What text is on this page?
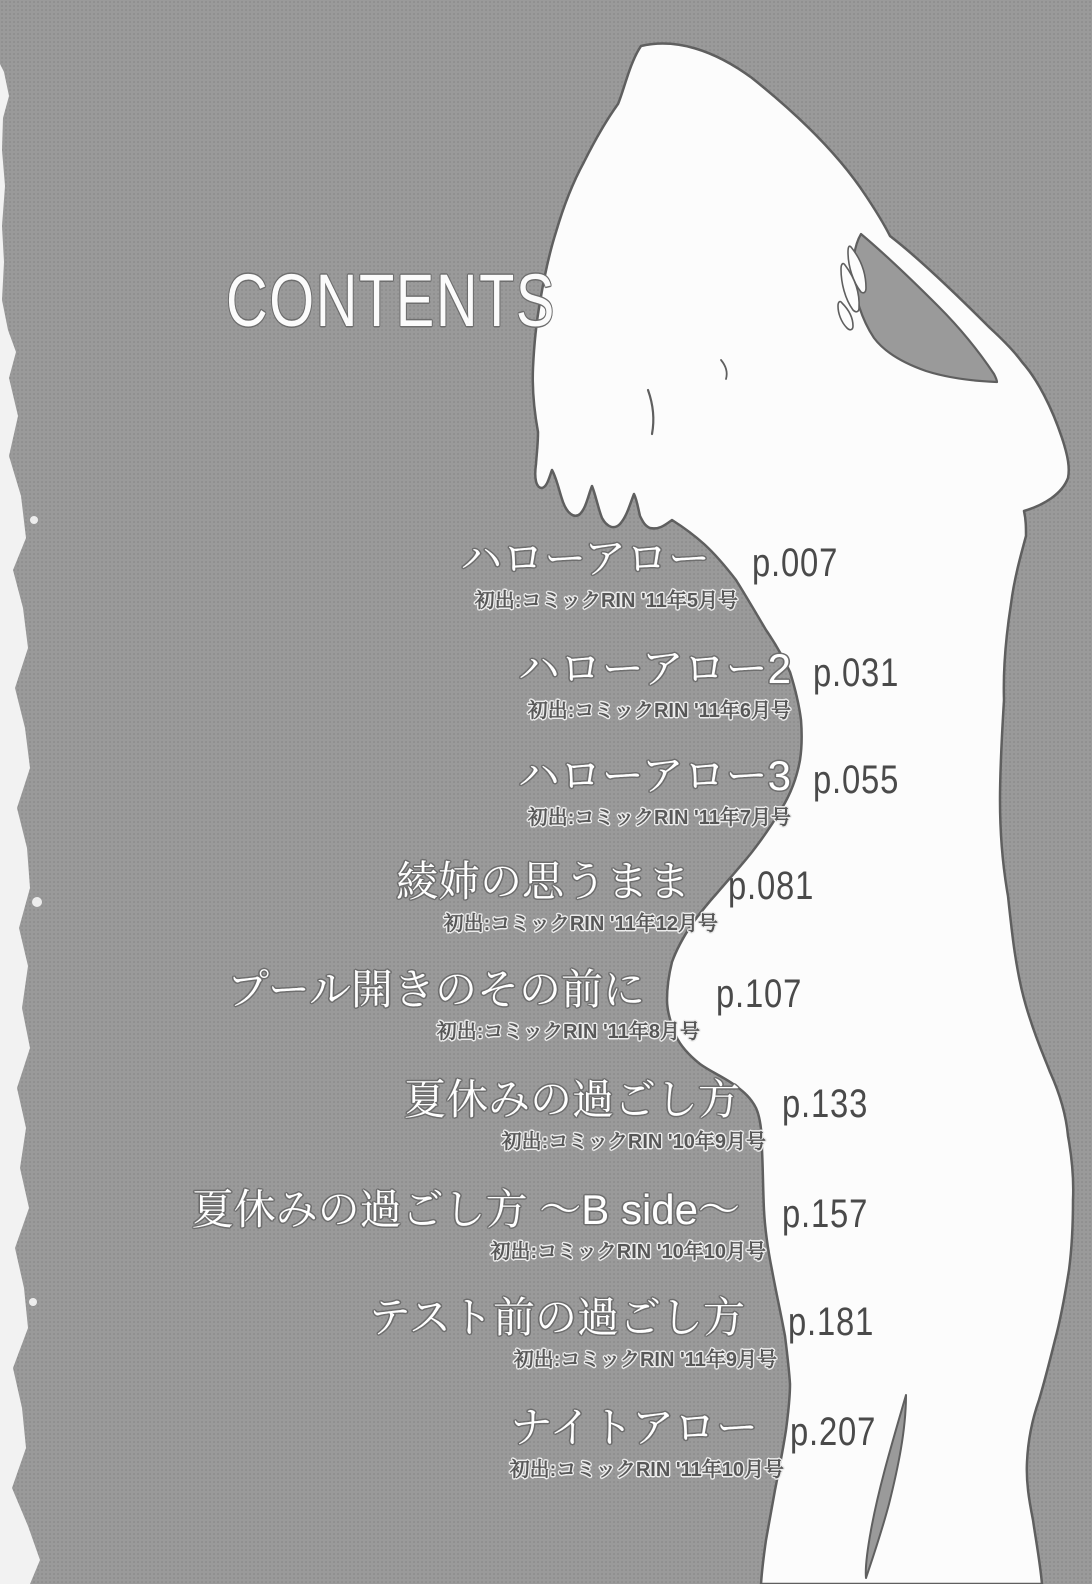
CONTENTS
ハローアロー
初出:コミックRIN '11年5月号
p.007
ハローアロー2
初出:コミックRIN '11年6月号
p.031
ハローアロー3
初出:コミックRIN '11年7月号
p.055
綾姉の思うまま
初出:コミックRIN '11年12月号
p.081
プール開きのその前に
初出:コミックRIN '11年8月号
p.107
夏休みの過ごし方
初出:コミックRIN '10年9月号
p.133
夏休みの過ごし方 ～B side～
初出:コミックRIN '10年10月号
p.157
テスト前の過ごし方
初出:コミックRIN '11年9月号
p.181
ナイトアロー
初出:コミックRIN '11年10月号
p.207
